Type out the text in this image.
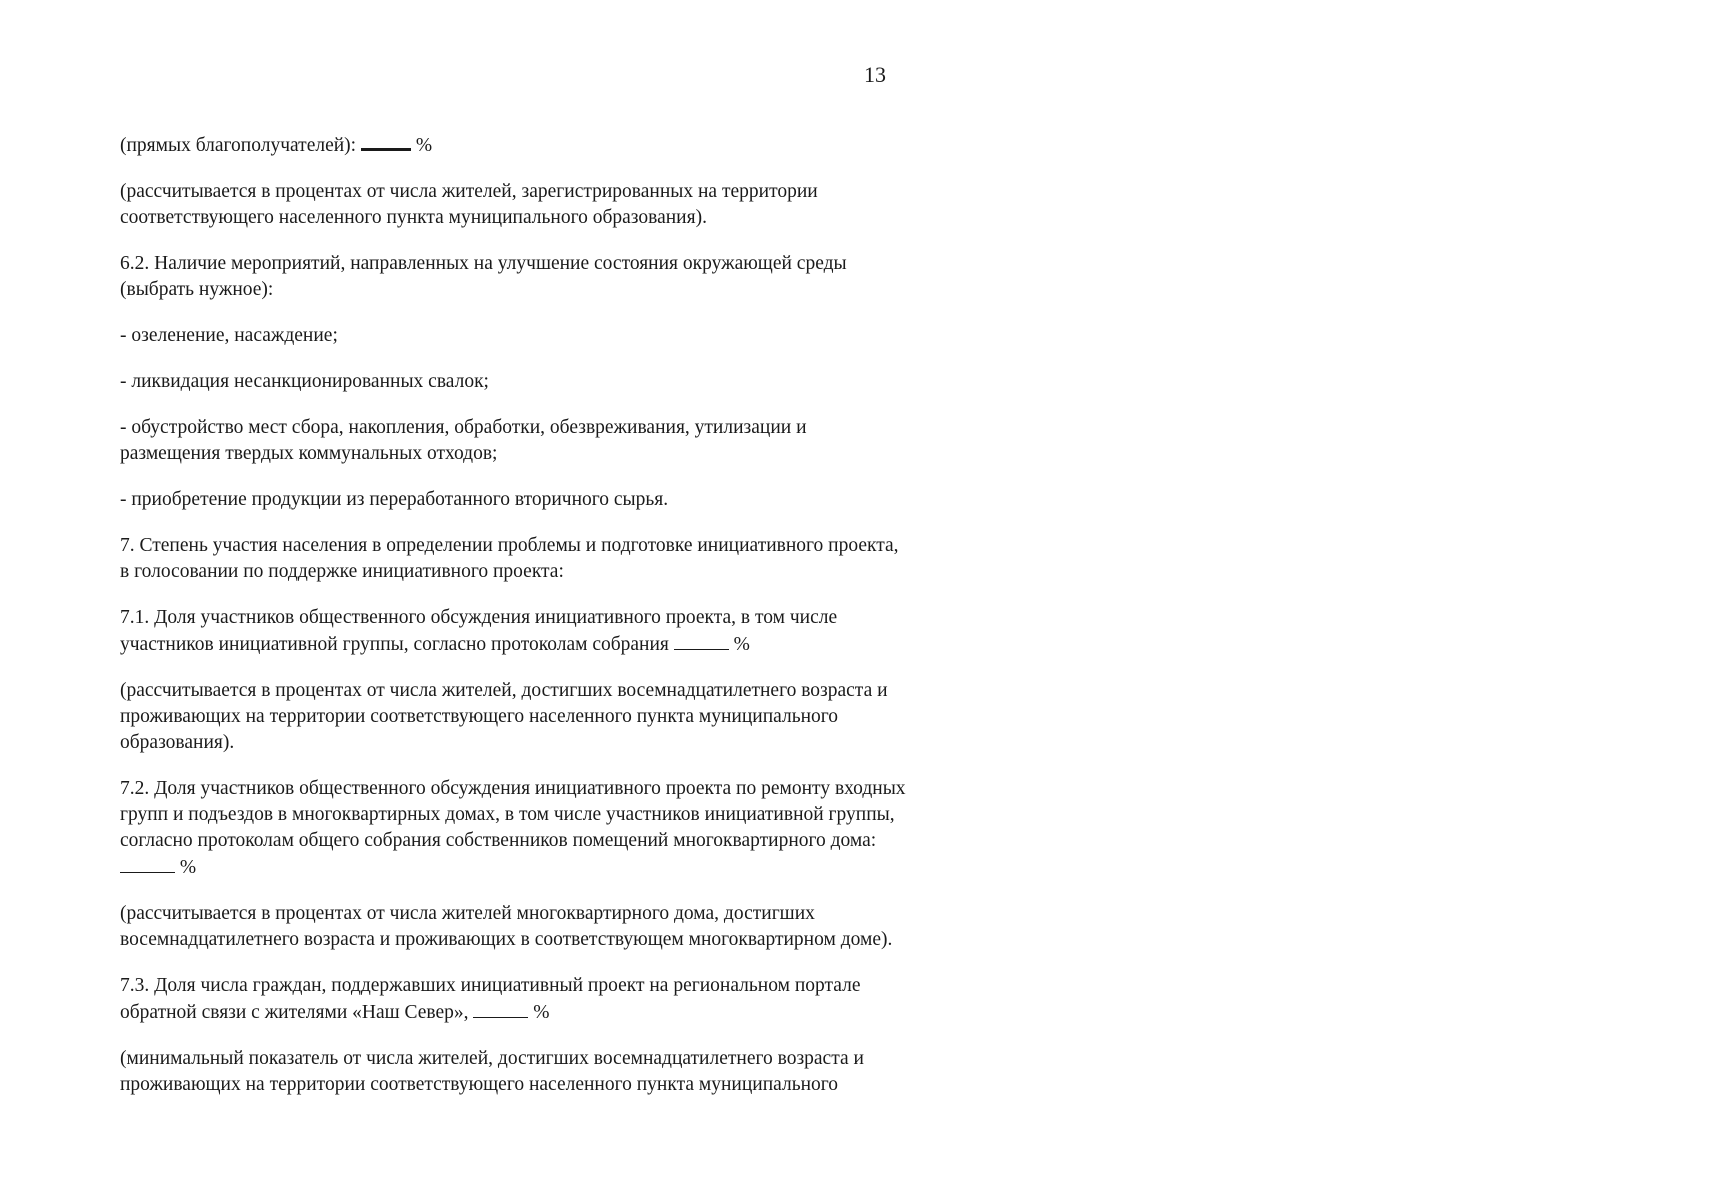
13

(прямых благополучателей):	%

(рассчитывается в процентах от числа жителей, зарегистрированных на территории
соответствующего населенного пункта муниципального образования).

6.2. Наличие мероприятий, направленных на улучшение состояния окружающей среды
(выбрать нужное):

- озеленение, насаждение;

- ликвидация несанкционированных свалок;

- обустройство мест сбора, накопления, обработки, обезвреживания, утилизации и
размещения твердых коммунальных отходов;

- приобретение продукции из переработанного вторичного сырья.

7. Степень участия населения в определении проблемы и подготовке инициативного проекта,
в голосовании по поддержке инициативного проекта:

7.1. Доля участников общественного обсуждения инициативного проекта, в том числе
участников инициативной группы, согласно протоколам собрания	%

(рассчитывается в процентах от числа жителей, достигших восемнадцатилетнего возраста и
проживающих на территории соответствующего населенного пункта муниципального
образования).

7.2. Доля участников общественного обсуждения инициативного проекта по ремонту входных
групп и подъездов в многоквартирных домах, в том числе участников инициативной группы,
согласно протоколам общего собрания собственников помещений многоквартирного дома:
%

(рассчитывается в процентах от числа жителей многоквартирного дома, достигших
восемнадцатилетнего возраста и проживающих в соответствующем многоквартирном доме).

7.3. Доля числа граждан, поддержавших инициативный проект на региональном портале
обратной связи с жителями «Наш Север»,	%

(минимальный показатель от числа жителей, достигших восемнадцатилетнего возраста и
проживающих на территории соответствующего населенного пункта муниципального
